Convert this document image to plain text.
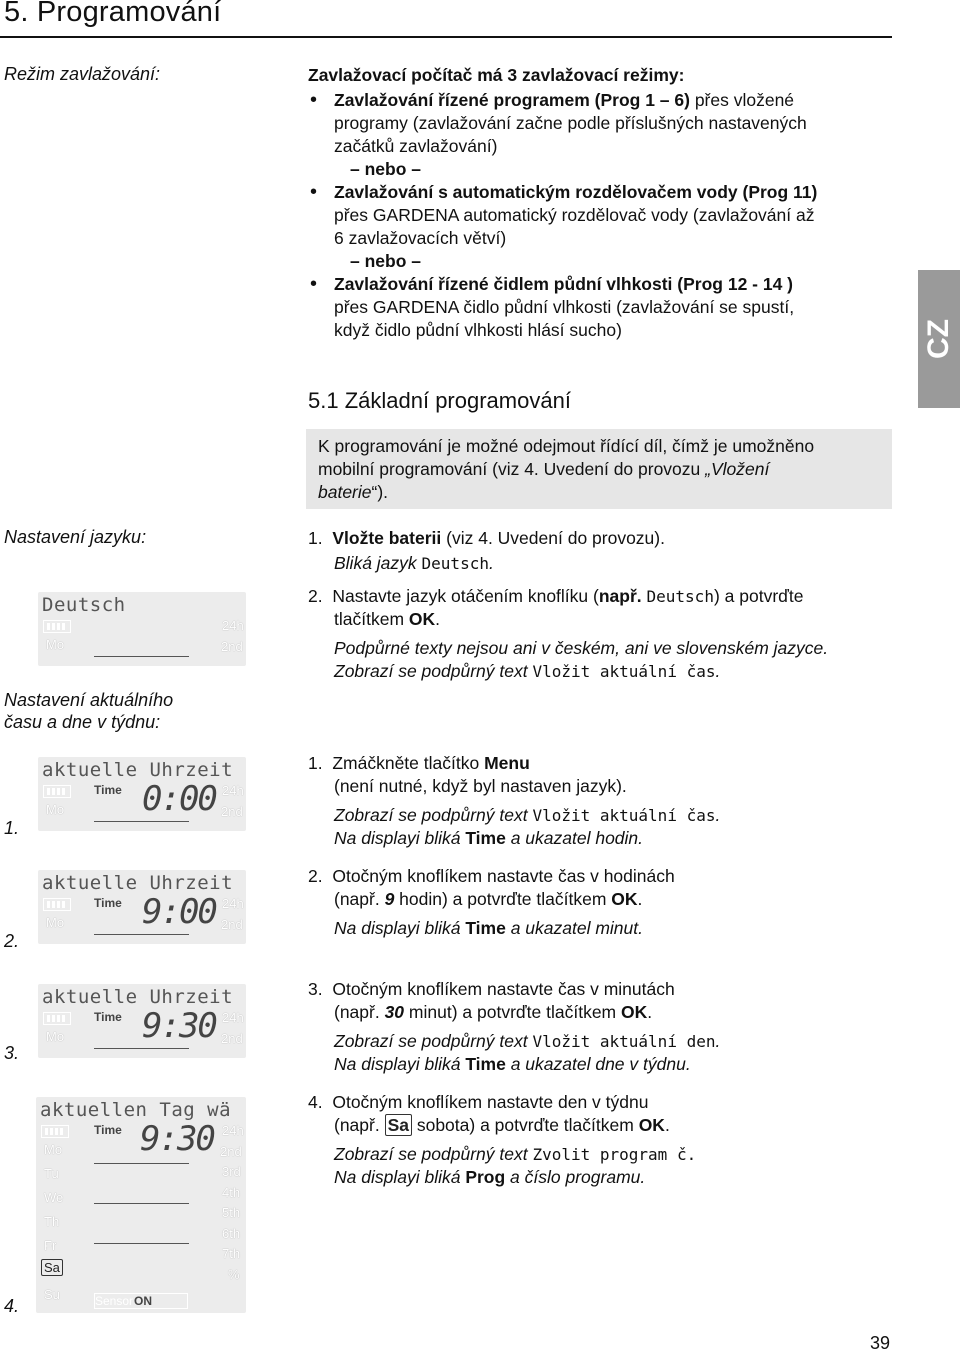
5. Programování
CZ
Režim zavlažování:	Zavlažovací počítač má 3 zavlažovací režimy:
• Zavlažování řízené programem (Prog 1 – 6) přes vložené
programy (zavlažování začne podle příslušných nastavených
začátků zavlažování)
– nebo –
• Zavlažování s automatickým rozdělovačem vody (Prog 11)
přes GARDENA automatický rozdělovač vody (zavlažování až
6 zavlažovacích větví)
– nebo –
• Zavlažování řízené čidlem půdní vlhkosti (Prog 12 - 14 )
přes GARDENA čidlo půdní vlhkosti (zavlažování se spustí,
když čidlo půdní vlhkosti hlásí sucho)
5.1 Základní programování

K programování je možné odejmout řídící díl, čímž je umožněno
mobilní programování (viz 4. Uvedení do provozu „Vložení
baterie“).

Nastavení jazyku:
Deutsch
Mo
24h
2nd
1. Vložte baterii (viz 4. Uvedení do provozu).
Bliká jazyk Deutsch.
2. Nastavte jazyk otáčením knoflíku (např. Deutsch) a potvrďte
tlačítkem OK.
Podpůrné texty nejsou ani v českém, ani ve slovenském jazyce.
Zobrazí se podpůrný text Vložit aktuální čas.
Nastavení aktuálního
času a dne v týdnu:
aktuelle Uhrzeit
Time 0:00
Mo
24h
2nd
1.
aktuelle Uhrzeit
Time 9:00
Mo
24h
2nd
2.
aktuelle Uhrzeit
Time 9:30
Mo
24h
2nd
3.
aktuellen Tag wä
Time 9:30
Mo
Tu
We
Th
Fr
Sa
Su
24h
2nd
3rd
4th
5th
6th
7th
%
SensorON
4.
1. Zmáčkněte tlačítko Menu
(není nutné, když byl nastaven jazyk).
Zobrazí se podpůrný text Vložit aktuální čas.
Na displayi bliká Time a ukazatel hodin.
2. Otočným knoflíkem nastavte čas v hodinách
(např. 9 hodin) a potvrďte tlačítkem OK.
Na displayi bliká Time a ukazatel minut.
3. Otočným knoflíkem nastavte čas v minutách
(např. 30 minut) a potvrďte tlačítkem OK.
Zobrazí se podpůrný text Vložit aktuální den.
Na displayi bliká Time a ukazatel dne v týdnu.
4. Otočným knoflíkem nastavte den v týdnu
(např. Sa sobota) a potvrďte tlačítkem OK.
Zobrazí se podpůrný text Zvolit program č.
Na displayi bliká Prog a číslo programu.
39
